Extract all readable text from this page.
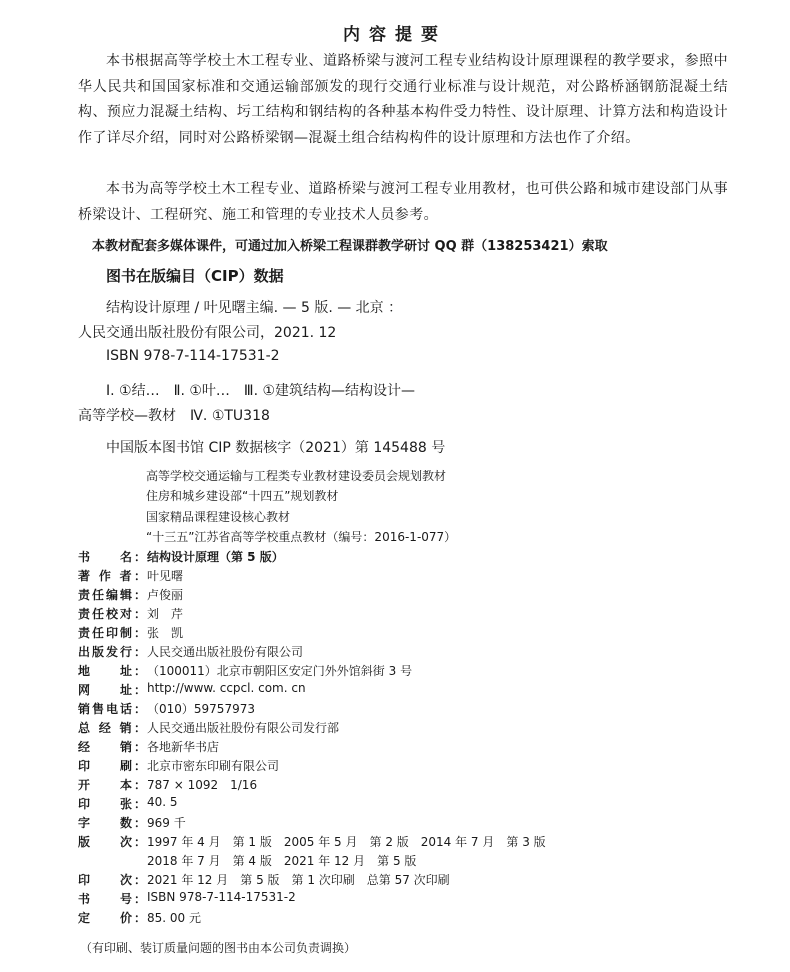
内容提要
本书根据高等学校土木工程专业、道路桥梁与渡河工程专业结构设计原理课程的教学要求，参照中华人民共和国国家标准和交通运输部颁发的现行交通行业标准与设计规范，对公路桥涵钢筋混凝土结构、预应力混凝土结构、圬工结构和钢结构的各种基本构件受力特性、设计原理、计算方法和构造设计作了详尽介绍，同时对公路桥梁钢—混凝土组合结构构件的设计原理和方法也作了介绍。
本书为高等学校土木工程专业、道路桥梁与渡河工程专业用教材，也可供公路和城市建设部门从事桥梁设计、工程研究、施工和管理的专业技术人员参考。
本教材配套多媒体课件，可通过加入桥梁工程课群教学研讨 QQ 群（138253421）索取
图书在版编目（CIP）数据
结构设计原理 / 叶见曙主编. — 5 版. — 北京 ：
人民交通出版社股份有限公司，2021. 12
ISBN 978-7-114-17531-2
Ⅰ. ①结…　Ⅱ. ①叶…　Ⅲ. ①建筑结构—结构设计—
高等学校—教材　Ⅳ. ①TU318
中国版本图书馆 CIP 数据核字（2021）第 145488 号
高等学校交通运输与工程类专业教材建设委员会规划教材
住房和城乡建设部“十四五”规划教材
国家精品课程建设核心教材
“十三五”江苏省高等学校重点教材（编号：2016-1-077）
书　　名： 结构设计原理（第 5 版）
著 作 者： 叶见曙
责任编辑： 卢俊丽
责任校对： 刘　芹
责任印制： 张　凯
出版发行： 人民交通出版社股份有限公司
地　　址： （100011）北京市朝阳区安定门外外馆斜街 3 号
网　　址： http://www. ccpcl. com. cn
销售电话： （010）59757973
总 经 销： 人民交通出版社股份有限公司发行部
经　　销： 各地新华书店
印　　刷： 北京市密东印刷有限公司
开　　本： 787 × 1092　1/16
印　　张： 40. 5
字　　数： 969 千
版　　次： 1997 年 4 月　第 1 版　2005 年 5 月　第 2 版　2014 年 7 月　第 3 版
2018 年 7 月　第 4 版　2021 年 12 月　第 5 版
印　　次： 2021 年 12 月　第 5 版　第 1 次印刷　总第 57 次印刷
书　　号： ISBN 978-7-114-17531-2
定　　价： 85. 00 元
（有印刷、装订质量问题的图书由本公司负责调换）
